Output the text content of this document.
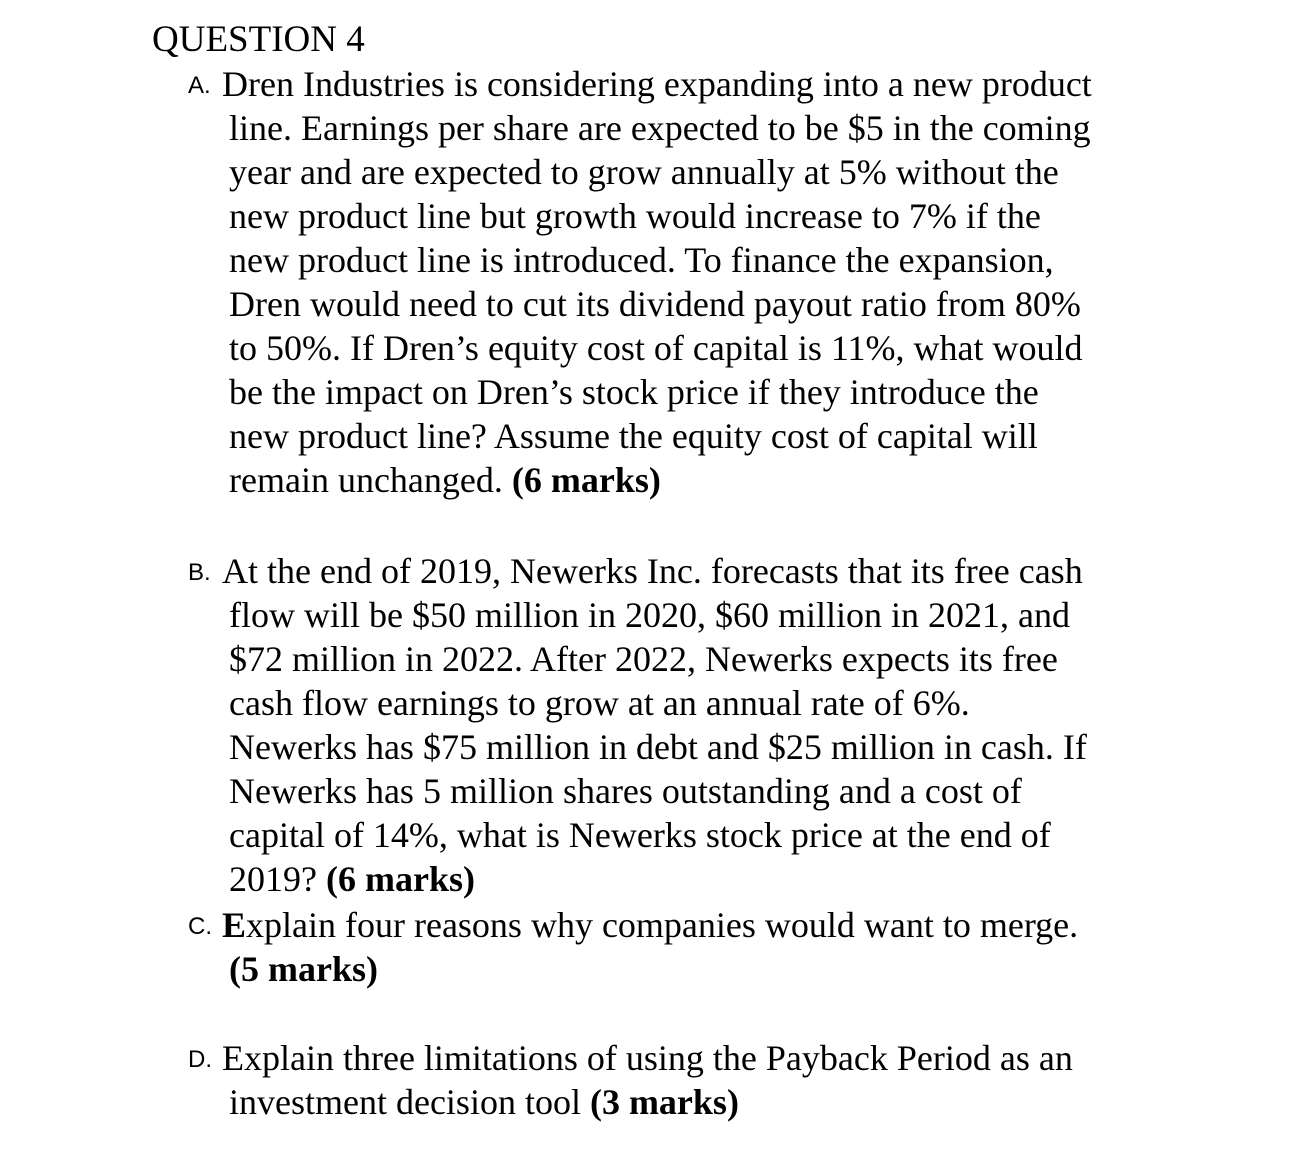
QUESTION 4
A. Dren Industries is considering expanding into a new product
line. Earnings per share are expected to be $5 in the coming
year and are expected to grow annually at 5% without the
new product line but growth would increase to 7% if the
new product line is introduced. To finance the expansion,
Dren would need to cut its dividend payout ratio from 80%
to 50%. If Dren’s equity cost of capital is 11%, what would
be the impact on Dren’s stock price if they introduce the
new product line? Assume the equity cost of capital will
remain unchanged. (6 marks)
B. At the end of 2019, Newerks Inc. forecasts that its free cash
flow will be $50 million in 2020, $60 million in 2021, and
$72 million in 2022. After 2022, Newerks expects its free
cash flow earnings to grow at an annual rate of 6%.
Newerks has $75 million in debt and $25 million in cash. If
Newerks has 5 million shares outstanding and a cost of
capital of 14%, what is Newerks stock price at the end of
2019? (6 marks)
C. Explain four reasons why companies would want to merge.
(5 marks)
D. Explain three limitations of using the Payback Period as an
investment decision tool (3 marks)
